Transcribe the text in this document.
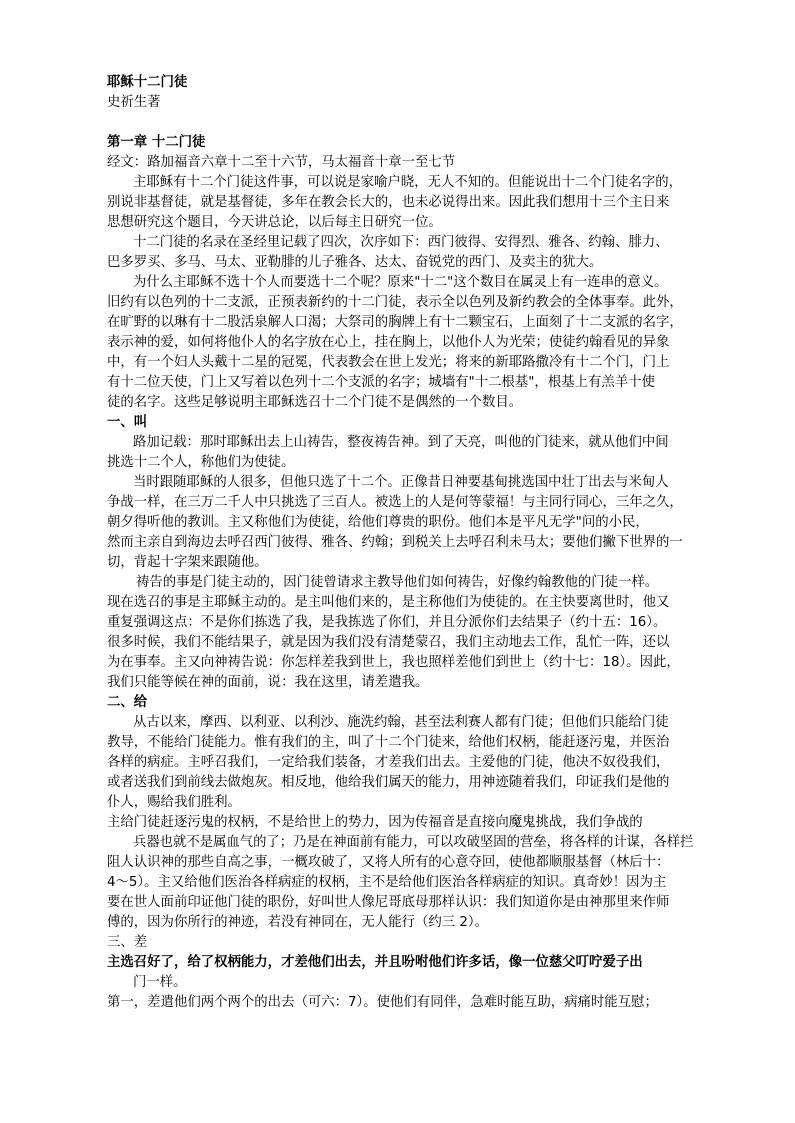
耶稣十二门徒
史祈生著
第一章 十二门徒
经文：路加福音六章十二至十六节，马太福音十章一至七节
主耶稣有十二个门徒这件事，可以说是家喻户晓，无人不知的。但能说出十二个门徒名字的，
别说非基督徒，就是基督徒，多年在教会长大的，也未必说得出来。因此我们想用十三个主日来
思想研究这个题目，今天讲总论，以后每主日研究一位。
十二门徒的名录在圣经里记载了四次，次序如下：西门彼得、安得烈、雅各、约翰、腓力、
巴多罗买、多马、马太、亚勒腓的儿子雅各、达太、奋锐党的西门、及卖主的犹大。
为什么主耶稣不选十个人而要选十二个呢？原来"十二"这个数目在属灵上有一连串的意义。
旧约有以色列的十二支派，正预表新约的十二门徒，表示全以色列及新约教会的全体事奉。此外，
在旷野的以琳有十二股活泉解人口渴；大祭司的胸牌上有十二颗宝石，上面刻了十二支派的名字，
表示神的爱，如何将他仆人的名字放在心上，挂在胸上，以他仆人为光荣；使徒约翰看见的异象
中，有一个妇人头戴十二星的冠冕，代表教会在世上发光；将来的新耶路撒冷有十二个门，门上
有十二位天使，门上又写着以色列十二个支派的名字；城墙有"十二根基"，根基上有羔羊十使
徒的名字。这些足够说明主耶稣选召十二个门徒不是偶然的一个数目。
一、叫
路加记载：那时耶稣出去上山祷告，整夜祷告神。到了天亮，叫他的门徒来，就从他们中间
挑选十二个人，称他们为使徒。
当时跟随耶稣的人很多，但他只选了十二个。正像昔日神要基甸挑选国中壮丁出去与米甸人
争战一样，在三万二千人中只挑选了三百人。被选上的人是何等蒙福！与主同行同心，三年之久，
朝夕得听他的教训。主又称他们为使徒，给他们尊贵的职份。他们本是平凡无学"问的小民，
然而主亲自到海边去呼召西门彼得、雅各、约翰；到税关上去呼召利未马太；要他们撇下世界的一
切，背起十字架来跟随他。
祷告的事是门徒主动的，因门徒曾请求主教导他们如何祷告，好像约翰教他的门徒一样。
现在选召的事是主耶稣主动的。是主叫他们来的，是主称他们为使徒的。在主快要离世时，他又
重复强调这点：不是你们拣选了我，是我拣选了你们，并且分派你们去结果子（约十五：16）。
很多时候，我们不能结果子，就是因为我们没有清楚蒙召，我们主动地去工作，乱忙一阵，还以
为在事奉。主又向神祷告说：你怎样差我到世上，我也照样差他们到世上（约十七：18）。因此，
我们只能等候在神的面前，说：我在这里，请差遣我。
二、给
从古以来，摩西、以利亚、以利沙、施洗约翰，甚至法利赛人都有门徒；但他们只能给门徒
教导，不能给门徒能力。惟有我们的主，叫了十二个门徒来，给他们权柄，能赶逐污鬼，并医治
各样的病症。主呼召我们，一定给我们装备，才差我们出去。主爱他的门徒，他决不奴役我们，
或者送我们到前线去做炮灰。相反地，他给我们属天的能力，用神迹随着我们，印证我们是他的
仆人，赐给我们胜利。
主给门徒赶逐污鬼的权柄，不是给世上的势力，因为传福音是直接向魔鬼挑战，我们争战的
兵器也就不是属血气的了；乃是在神面前有能力，可以攻破坚固的营垒，将各样的计谋，各样拦
阻人认识神的那些自高之事，一概攻破了，又将人所有的心意夺回，使他都顺服基督（林后十：
4～5）。主又给他们医治各样病症的权柄，主不是给他们医治各样病症的知识。真奇妙！因为主
要在世人面前印证他门徒的职份，好叫世人像尼哥底母那样认识：我们知道你是由神那里来作师
傅的，因为你所行的神迹，若没有神同在，无人能行（约三 2）。
三、差
主选召好了，给了权柄能力，才差他们出去，并且吩咐他们许多话，像一位慈父叮咛爱子出
门一样。
第一，差遣他们两个两个的出去（可六：7）。使他们有同伴，急难时能互助，病痛时能互慰；
